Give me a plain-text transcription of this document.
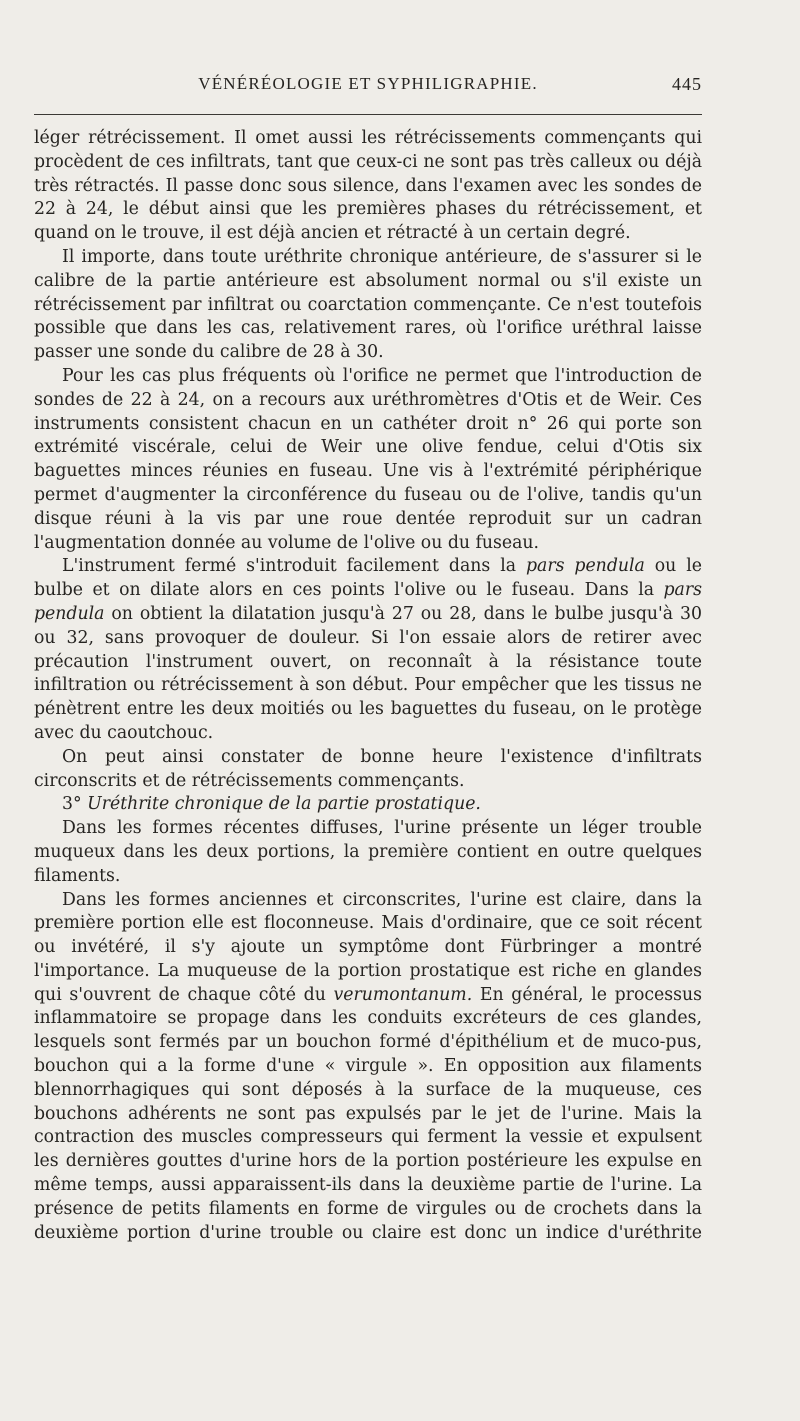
VÉNÉRÉOLOGIE ET SYPHILIGRAPHIE.	445

léger rétrécissement. Il omet aussi les rétrécissements commençants qui procèdent de ces infiltrats, tant que ceux-ci ne sont pas très calleux ou déjà très rétractés. Il passe donc sous silence, dans l'examen avec les sondes de 22 à 24, le début ainsi que les premières phases du rétrécissement, et quand on le trouve, il est déjà ancien et rétracté à un certain degré.

Il importe, dans toute uréthrite chronique antérieure, de s'assurer si le calibre de la partie antérieure est absolument normal ou s'il existe un rétrécissement par infiltrat ou coarctation commençante. Ce n'est toutefois possible que dans les cas, relativement rares, où l'orifice uréthral laisse passer une sonde du calibre de 28 à 30.

Pour les cas plus fréquents où l'orifice ne permet que l'introduction de sondes de 22 à 24, on a recours aux uréthromètres d'Otis et de Weir. Ces instruments consistent chacun en un cathéter droit n° 26 qui porte son extrémité viscérale, celui de Weir une olive fendue, celui d'Otis six baguettes minces réunies en fuseau. Une vis à l'extrémité périphérique permet d'augmenter la circonférence du fuseau ou de l'olive, tandis qu'un disque réuni à la vis par une roue dentée reproduit sur un cadran l'augmentation donnée au volume de l'olive ou du fuseau.

L'instrument fermé s'introduit facilement dans la pars pendula ou le bulbe et on dilate alors en ces points l'olive ou le fuseau. Dans la pars pendula on obtient la dilatation jusqu'à 27 ou 28, dans le bulbe jusqu'à 30 ou 32, sans provoquer de douleur. Si l'on essaie alors de retirer avec précaution l'instrument ouvert, on reconnaît à la résistance toute infiltration ou rétrécissement à son début. Pour empêcher que les tissus ne pénètrent entre les deux moitiés ou les baguettes du fuseau, on le protège avec du caoutchouc.

On peut ainsi constater de bonne heure l'existence d'infiltrats circonscrits et de rétrécissements commençants.

3° Uréthrite chronique de la partie prostatique.

Dans les formes récentes diffuses, l'urine présente un léger trouble muqueux dans les deux portions, la première contient en outre quelques filaments.

Dans les formes anciennes et circonscrites, l'urine est claire, dans la première portion elle est floconneuse. Mais d'ordinaire, que ce soit récent ou invétéré, il s'y ajoute un symptôme dont Fürbringer a montré l'importance. La muqueuse de la portion prostatique est riche en glandes qui s'ouvrent de chaque côté du verumontanum. En général, le processus inflammatoire se propage dans les conduits excréteurs de ces glandes, lesquels sont fermés par un bouchon formé d'épithélium et de muco-pus, bouchon qui a la forme d'une « virgule ». En opposition aux filaments blennorrhagiques qui sont déposés à la surface de la muqueuse, ces bouchons adhérents ne sont pas expulsés par le jet de l'urine. Mais la contraction des muscles compresseurs qui ferment la vessie et expulsent les dernières gouttes d'urine hors de la portion postérieure les expulse en même temps, aussi apparaissent-ils dans la deuxième partie de l'urine. La présence de petits filaments en forme de virgules ou de crochets dans la deuxième portion d'urine trouble ou claire est donc un indice d'uréthrite
